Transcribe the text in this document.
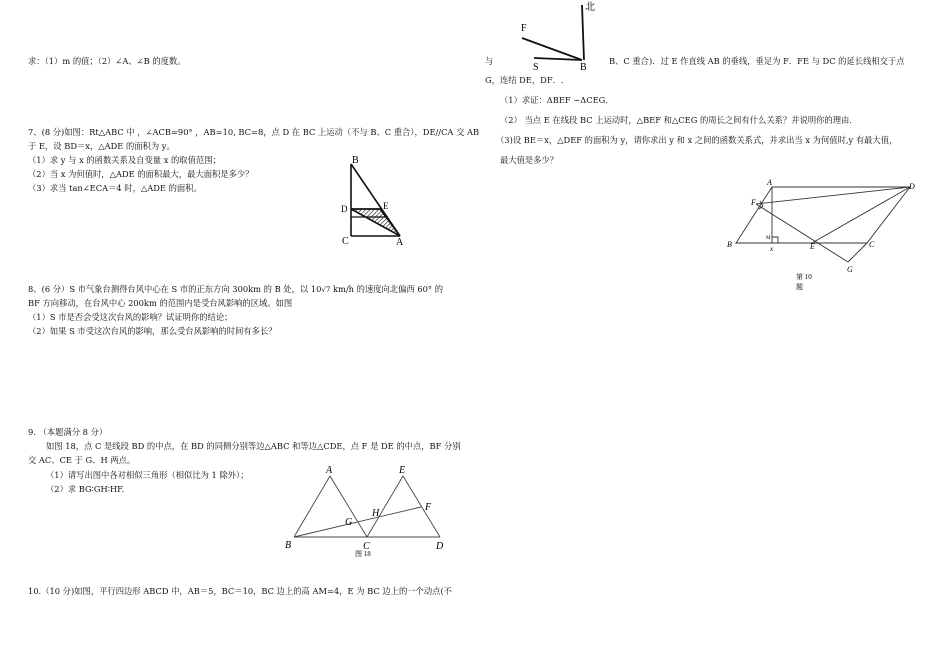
求：（1）m 的值；（2）∠A、∠B 的度数。
7、(8 分)如图：Rt△ABC 中 ，∠ACB=90° ，AB=10, BC=8，点 D 在 BC 上运动（不与 B、C 重合），DE//CA 交 AB
于 E，设 BD＝x，△ADE 的面积为 y。
（1）求 y 与 x 的函数关系及自变量 x 的取值范围；
（2）当 x 为何值时，△ADE 的面积最大，最大面积是多少？
（3）求当 tan∠ECA＝4 时，△ADE 的面积。
B
D	E
C	A
8、(6 分）S 市气象台测得台风中心在 S 市的正东方向 300km 的 B 处，以 10√7 km/h 的速度向北偏西 60° 的
BF 方向移动，在台风中心 200km 的范围内是受台风影响的区域。如图
（1）S 市是否会受这次台风的影响？试证明你的结论；
（2）如果 S 市受这次台风的影响，那么受台风影响的时间有多长？
9. （本题满分 8 分）
如图 18，点 C 是线段 BD 的中点，在 BD 的同侧分别等边△ABC 和等边△CDE，点 F 是 DE 的中点，BF 分别
交 AC、CE 于 G、H 两点。
（1）请写出图中各对相似三角形（相似比为 1 除外）；
（2）求 BG∶GH∶HF.
A	E
F
H
G
B	C	D
图 18
10.（10 分)如图，平行四边形 ABCD 中，AB＝5，BC＝10，BC 边上的高 AM=4，E 为 BC 边上的一个动点(不
北
F
S	B
与	B、C 重合)．过 E 作直线 AB 的垂线，垂足为 F．FE 与 DC 的延长线相交于点
G，连结 DE，DF．.
（1）求证：ΔBEF ∽ΔCEG．
（2） 当点 E 在线段 BC 上运动时，△BEF 和△CEG 的周长之间有什么关系？并说明你的理由．
（3)设 BE＝x，△DEF 的面积为 y，请你求出 y 和 x 之间的函数关系式，并求出当 x 为何值时,y 有最大值，
最大值是多少？
A	D
F
M
x
B	E	C
G
第 10
题
